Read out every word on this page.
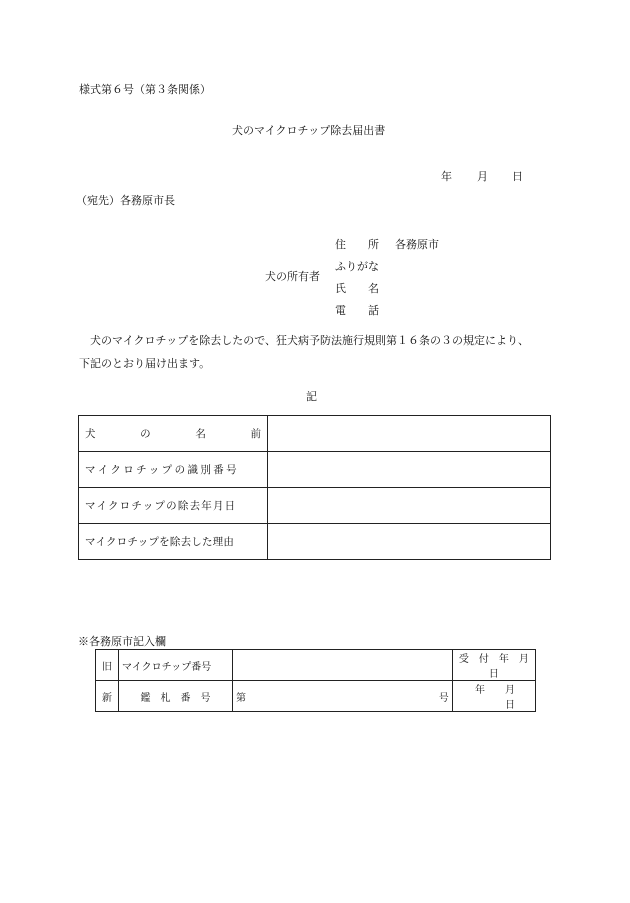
様式第６号（第３条関係）
犬のマイクロチップ除去届出書
年 月 日
（宛先）各務原市長
犬の所有者
住　　所 各務原市
ふりがな
氏　　名
電　　話
犬のマイクロチップを除去したので、狂犬病予防法施行規則第１６条の３の規定により、
下記のとおり届け出ます。
記
犬 の 名 前	

マイクロチップの識別番号	
マイクロチップの除去年月日	
マイクロチップを除去した理由	
※各務原市記入欄
旧	マイクロチップ番号			受　付　年　月　日
新	鑑　札　番　号	第	号	年　　月　　日
